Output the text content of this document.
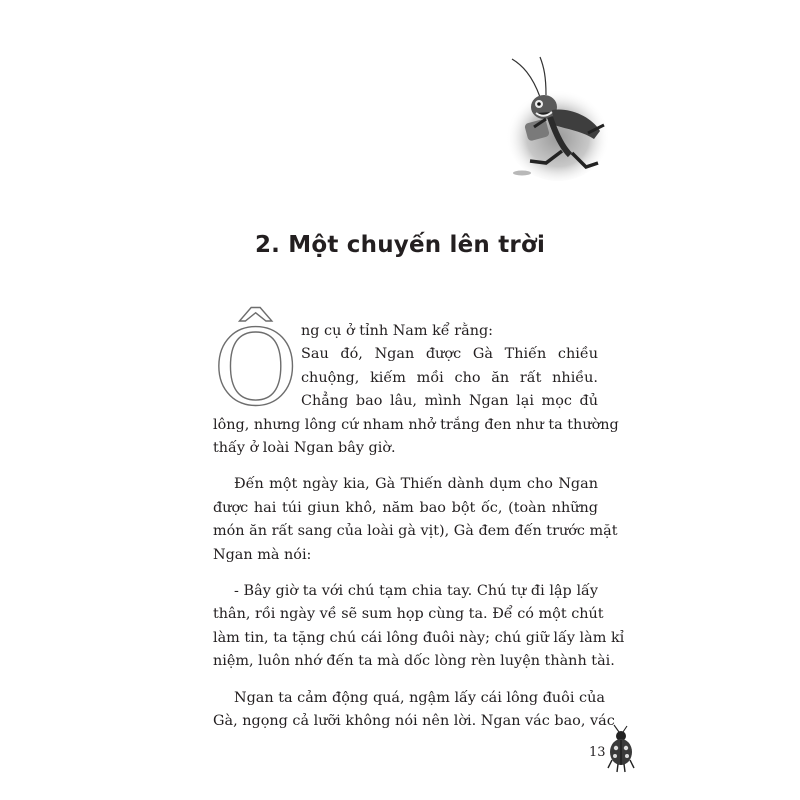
2. Một chuyến lên trời
Ô ng cụ ở tỉnh Nam kể rằng:
Sau đó, Ngan được Gà Thiến chiều
chuộng, kiếm mồi cho ăn rất nhiều.
Chẳng bao lâu, mình Ngan lại mọc đủ
lông, nhưng lông cứ nham nhở trắng đen như ta thường
thấy ở loài Ngan bây giờ.
Đến một ngày kia, Gà Thiến dành dụm cho Ngan
được hai túi giun khô, năm bao bột ốc, (toàn những
món ăn rất sang của loài gà vịt), Gà đem đến trước mặt
Ngan mà nói:
- Bây giờ ta với chú tạm chia tay. Chú tự đi lập lấy
thân, rồi ngày về sẽ sum họp cùng ta. Để có một chút
làm tin, ta tặng chú cái lông đuôi này; chú giữ lấy làm kỉ
niệm, luôn nhớ đến ta mà dốc lòng rèn luyện thành tài.
Ngan ta cảm động quá, ngậm lấy cái lông đuôi của
Gà, ngọng cả lưỡi không nói nên lời. Ngan vác bao, vác
13
